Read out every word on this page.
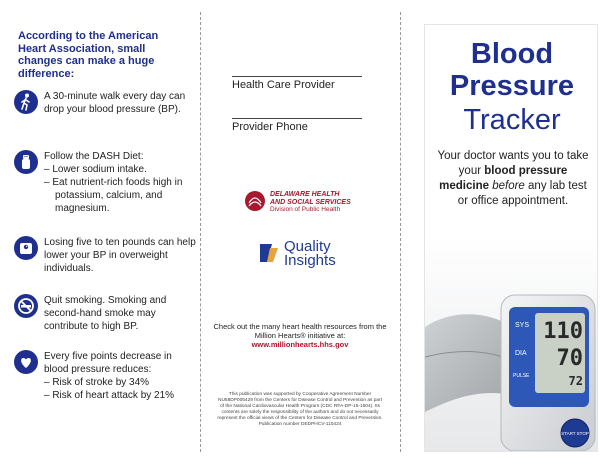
According to the American Heart Association, small changes can make a huge difference:

A 30-minute walk every day can drop your blood pressure (BP).
Follow the DASH Diet:
– Lower sodium intake.
– Eat nutrient-rich foods high in potassium, calcium, and magnesium.
Losing five to ten pounds can help lower your BP in overweight individuals.
Quit smoking. Smoking and second-hand smoke may contribute to high BP.
Every five points decrease in blood pressure reduces:
– Risk of stroke by 34%
– Risk of heart attack by 21%
Health Care Provider
Provider Phone
DELAWARE HEALTH
AND SOCIAL SERVICES
Division of Public Health
Quality
Insights
Check out the many heart health resources from the Million Hearts® initiative at:
www.millionhearts.hhs.gov
This publication was supported by Cooperative Agreement Number NU58DP005429 from the Centers for Disease Control and Prevention as part of the National Cardiovascular Health Program (CDC RFA-DP-15-1504). Its contents are solely the responsibility of the authors and do not necessarily represent the official views of the Centers for Disease Control and Prevention. Publication number DEDPHCV-110424
Blood
Pressure
Tracker
Your doctor wants you to take your blood pressure medicine before any lab test or office appointment.
SYS
DIA
PULSE
110
70
72
START STOP
